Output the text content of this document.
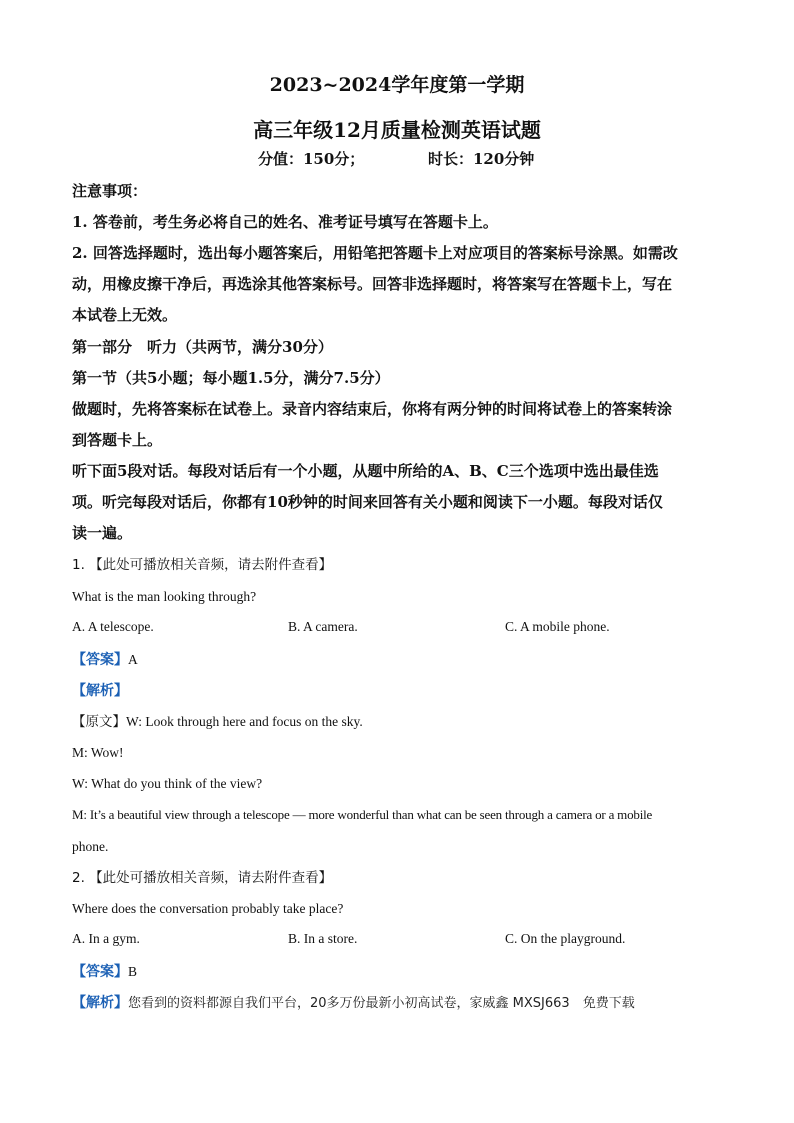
2023~2024学年度第一学期
高三年级12月质量检测英语试题
分值：150分；	时长：120分钟
注意事项：
1. 答卷前，考生务必将自己的姓名、准考证号填写在答题卡上。
2. 回答选择题时，选出每小题答案后，用铅笔把答题卡上对应项目的答案标号涂黑。如需改
动，用橡皮擦干净后，再选涂其他答案标号。回答非选择题时，将答案写在答题卡上，写在
本试卷上无效。
第一部分　听力（共两节，满分30分）
第一节（共5小题；每小题1.5分，满分7.5分）
做题时，先将答案标在试卷上。录音内容结束后，你将有两分钟的时间将试卷上的答案转涂
到答题卡上。
听下面5段对话。每段对话后有一个小题，从题中所给的A、B、C三个选项中选出最佳选
项。听完每段对话后，你都有10秒钟的时间来回答有关小题和阅读下一小题。每段对话仅
读一遍。
1. 【此处可播放相关音频，请去附件查看】
What is the man looking through?
A. A telescope.	B. A camera.	C. A mobile phone.
【答案】A
【解析】
【原文】W: Look through here and focus on the sky.
M: Wow!
W: What do you think of the view?
M: It’s a beautiful view through a telescope — more wonderful than what can be seen through a camera or a mobile
phone.
2. 【此处可播放相关音频，请去附件查看】
Where does the conversation probably take place?
A. In a gym.	B. In a store.	C. On the playground.
【答案】B
【解析】您看到的资料都源自我们平台，20多万份最新小初高试卷，家威鑫 MXSJ663　免费下载
